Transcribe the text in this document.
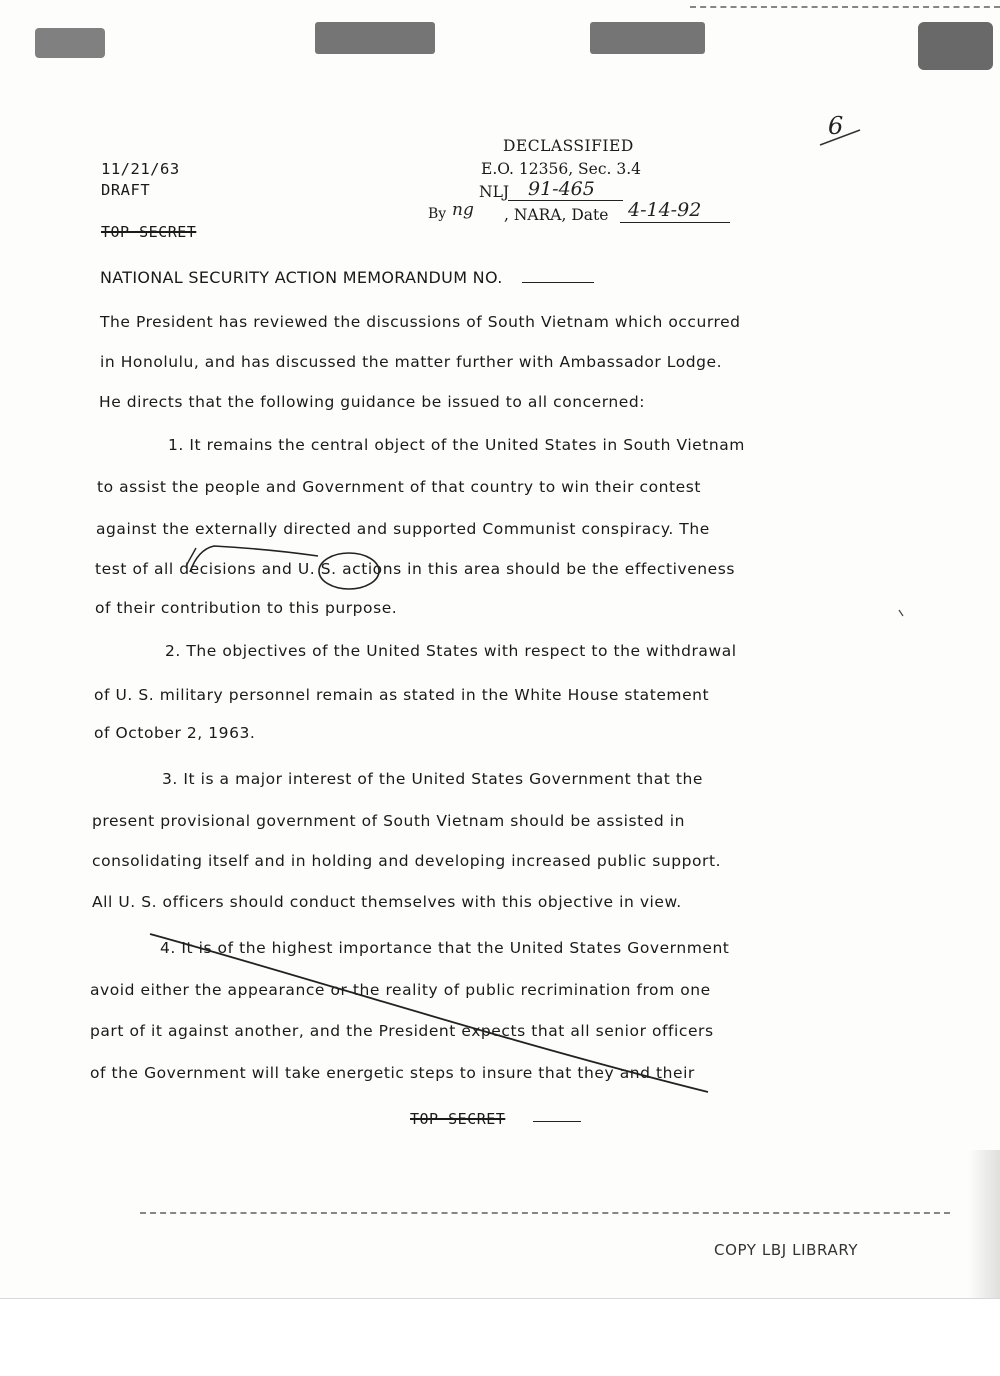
6
11/21/63
DRAFT
TOP SECRET
DECLASSIFIED
E.O. 12356, Sec. 3.4
NLJ 91-465
By ng , NARA, Date 4-14-92
NATIONAL SECURITY ACTION MEMORANDUM NO.
The President has reviewed the discussions of South Vietnam which occurred
in Honolulu, and has discussed the matter further with Ambassador Lodge.
He directs that the following guidance be issued to all concerned:
1. It remains the central object of the United States in South Vietnam
to assist the people and Government of that country to win their contest
against the externally directed and supported Communist conspiracy. The
test of all decisions and U. S. actions in this area should be the effectiveness
of their contribution to this purpose.
2. The objectives of the United States with respect to the withdrawal
of U. S. military personnel remain as stated in the White House statement
of October 2, 1963.
3. It is a major interest of the United States Government that the
present provisional government of South Vietnam should be assisted in
consolidating itself and in holding and developing increased public support.
All U. S. officers should conduct themselves with this objective in view.
4. It is of the highest importance that the United States Government
avoid either the appearance or the reality of public recrimination from one
part of it against another, and the President expects that all senior officers
of the Government will take energetic steps to insure that they and their
TOP SECRET
COPY LBJ LIBRARY
